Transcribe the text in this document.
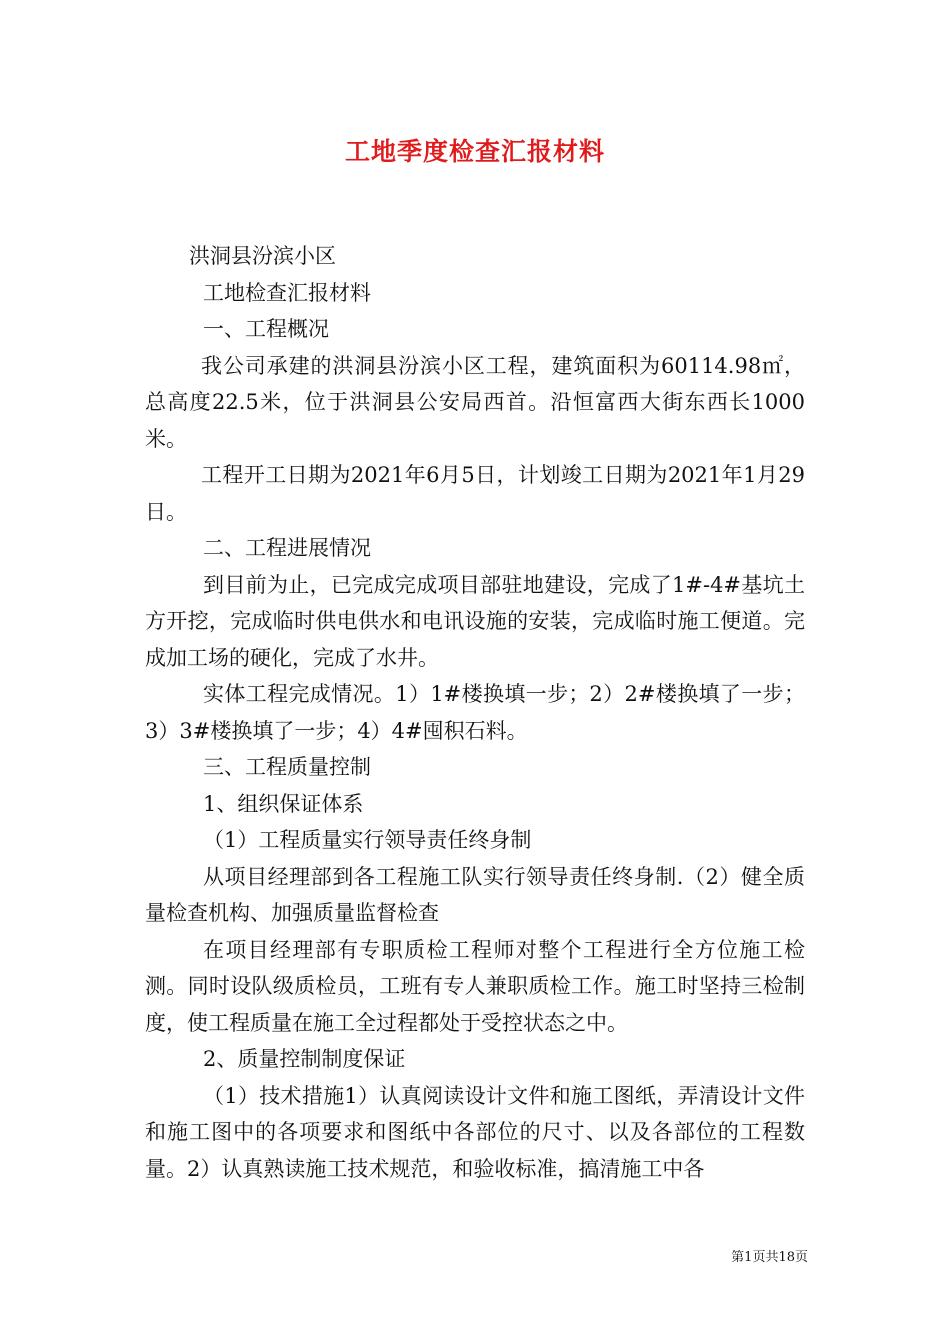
工地季度检查汇报材料

洪洞县汾滨小区

工地检查汇报材料

一、工程概况

我公司承建的洪洞县汾滨小区工程，建筑面积为60114.98㎡，总高度22.5米，位于洪洞县公安局西首。沿恒富西大街东西长1000米。

工程开工日期为2021年6月5日，计划竣工日期为2021年1月29日。

二、工程进展情况

到目前为止，已完成完成项目部驻地建设，完成了1#-4#基坑土方开挖，完成临时供电供水和电讯设施的安装，完成临时施工便道。完成加工场的硬化，完成了水井。

实体工程完成情况。1）1#楼换填一步；2）2#楼换填了一步；3）3#楼换填了一步；4）4#囤积石料。

三、工程质量控制

1、组织保证体系

（1）工程质量实行领导责任终身制

从项目经理部到各工程施工队实行领导责任终身制.（2）健全质量检查机构、加强质量监督检查

在项目经理部有专职质检工程师对整个工程进行全方位施工检测。同时设队级质检员，工班有专人兼职质检工作。施工时坚持三检制度，使工程质量在施工全过程都处于受控状态之中。

2、质量控制制度保证

（1）技术措施1）认真阅读设计文件和施工图纸，弄清设计文件和施工图中的各项要求和图纸中各部位的尺寸、以及各部位的工程数量。2）认真熟读施工技术规范，和验收标准，搞清施工中各

第1页共18页
